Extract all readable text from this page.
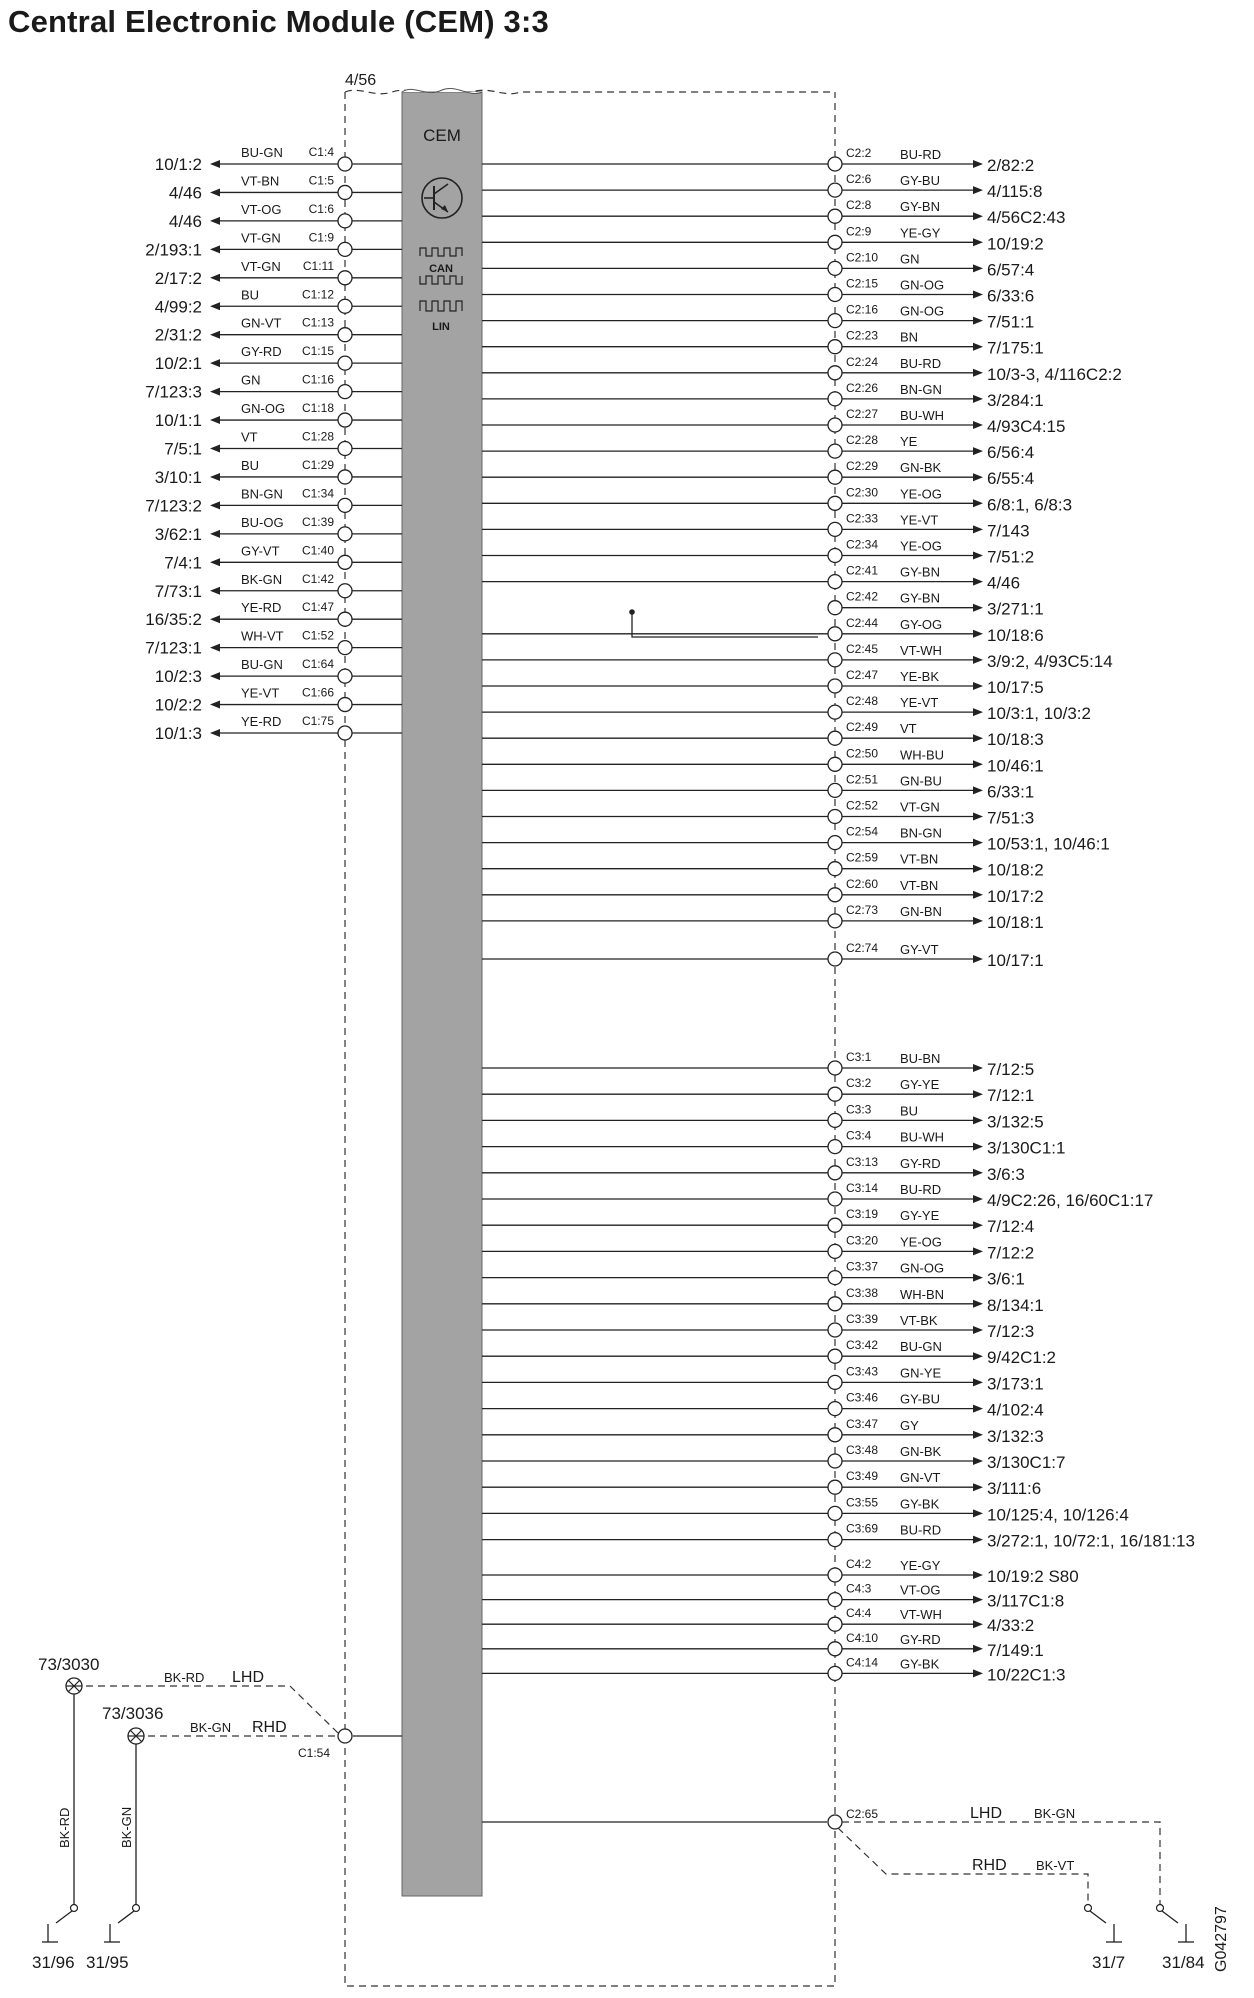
Central Electronic Module (CEM) 3:3
4/56
CEM
CAN
LIN
C1:4
BU-GN
10/1:2
C1:5
VT-BN
4/46
C1:6
VT-OG
4/46
C1:9
VT-GN
2/193:1
C1:11
VT-GN
2/17:2
C1:12
BU
4/99:2
C1:13
GN-VT
2/31:2
C1:15
GY-RD
10/2:1
C1:16
GN
7/123:3
C1:18
GN-OG
10/1:1
C1:28
VT
7/5:1
C1:29
BU
3/10:1
C1:34
BN-GN
7/123:2
C1:39
BU-OG
3/62:1
C1:40
GY-VT
7/4:1
C1:42
BK-GN
7/73:1
C1:47
YE-RD
16/35:2
C1:52
WH-VT
7/123:1
C1:64
BU-GN
10/2:3
C1:66
YE-VT
10/2:2
C1:75
YE-RD
10/1:3
C2:2 BU-RD
2/82:2
C2:6 GY-BU
4/115:8
C2:8 GY-BN
4/56C2:43
C2:9 YE-GY
10/19:2
C2:10 GN
6/57:4
C2:15 GN-OG
6/33:6
C2:16 GN-OG
7/51:1
C2:23 BN
7/175:1
C2:24 BU-RD
10/3-3, 4/116C2:2
C2:26 BN-GN
3/284:1
C2:27 BU-WH
4/93C4:15
C2:28 YE
6/56:4
C2:29 GN-BK
6/55:4
C2:30 YE-OG
6/8:1, 6/8:3
C2:33 YE-VT
7/143
C2:34 YE-OG
7/51:2
C2:41 GY-BN
4/46
C2:42 GY-BN
3/271:1
C2:44 GY-OG
10/18:6
C2:45 VT-WH
3/9:2, 4/93C5:14
C2:47 YE-BK
10/17:5
C2:48 YE-VT
10/3:1, 10/3:2
C2:49 VT
10/18:3
C2:50 WH-BU
10/46:1
C2:51 GN-BU
6/33:1
C2:52 VT-GN
7/51:3
C2:54 BN-GN
10/53:1, 10/46:1
C2:59 VT-BN
10/18:2
C2:60 VT-BN
10/17:2
C2:73 GN-BN
10/18:1
C2:74 GY-VT
10/17:1
C3:1 BU-BN
7/12:5
C3:2 GY-YE
7/12:1
C3:3 BU
3/132:5
C3:4 BU-WH
3/130C1:1
C3:13 GY-RD
3/6:3
C3:14 BU-RD
4/9C2:26, 16/60C1:17
C3:19 GY-YE
7/12:4
C3:20 YE-OG
7/12:2
C3:37 GN-OG
3/6:1
C3:38 WH-BN
8/134:1
C3:39 VT-BK
7/12:3
C3:42 BU-GN
9/42C1:2
C3:43 GN-YE
3/173:1
C3:46 GY-BU
4/102:4
C3:47 GY
3/132:3
C3:48 GN-BK
3/130C1:7
C3:49 GN-VT
3/111:6
C3:55 GY-BK
10/125:4, 10/126:4
C3:69 BU-RD
3/272:1, 10/72:1, 16/181:13
C4:2 YE-GY
10/19:2 S80
C4:3 VT-OG
3/117C1:8
C4:4 VT-WH
4/33:2
C4:10 GY-RD
7/149:1
C4:14 GY-BK
10/22C1:3
C1:54
BK-RD LHD
BK-GN RHD
73/3030
73/3036
BK-RD	BK-GN
31/96 31/95
C2:65	LHD BK-GN
RHD BK-VT
31/7 31/84 G042797
